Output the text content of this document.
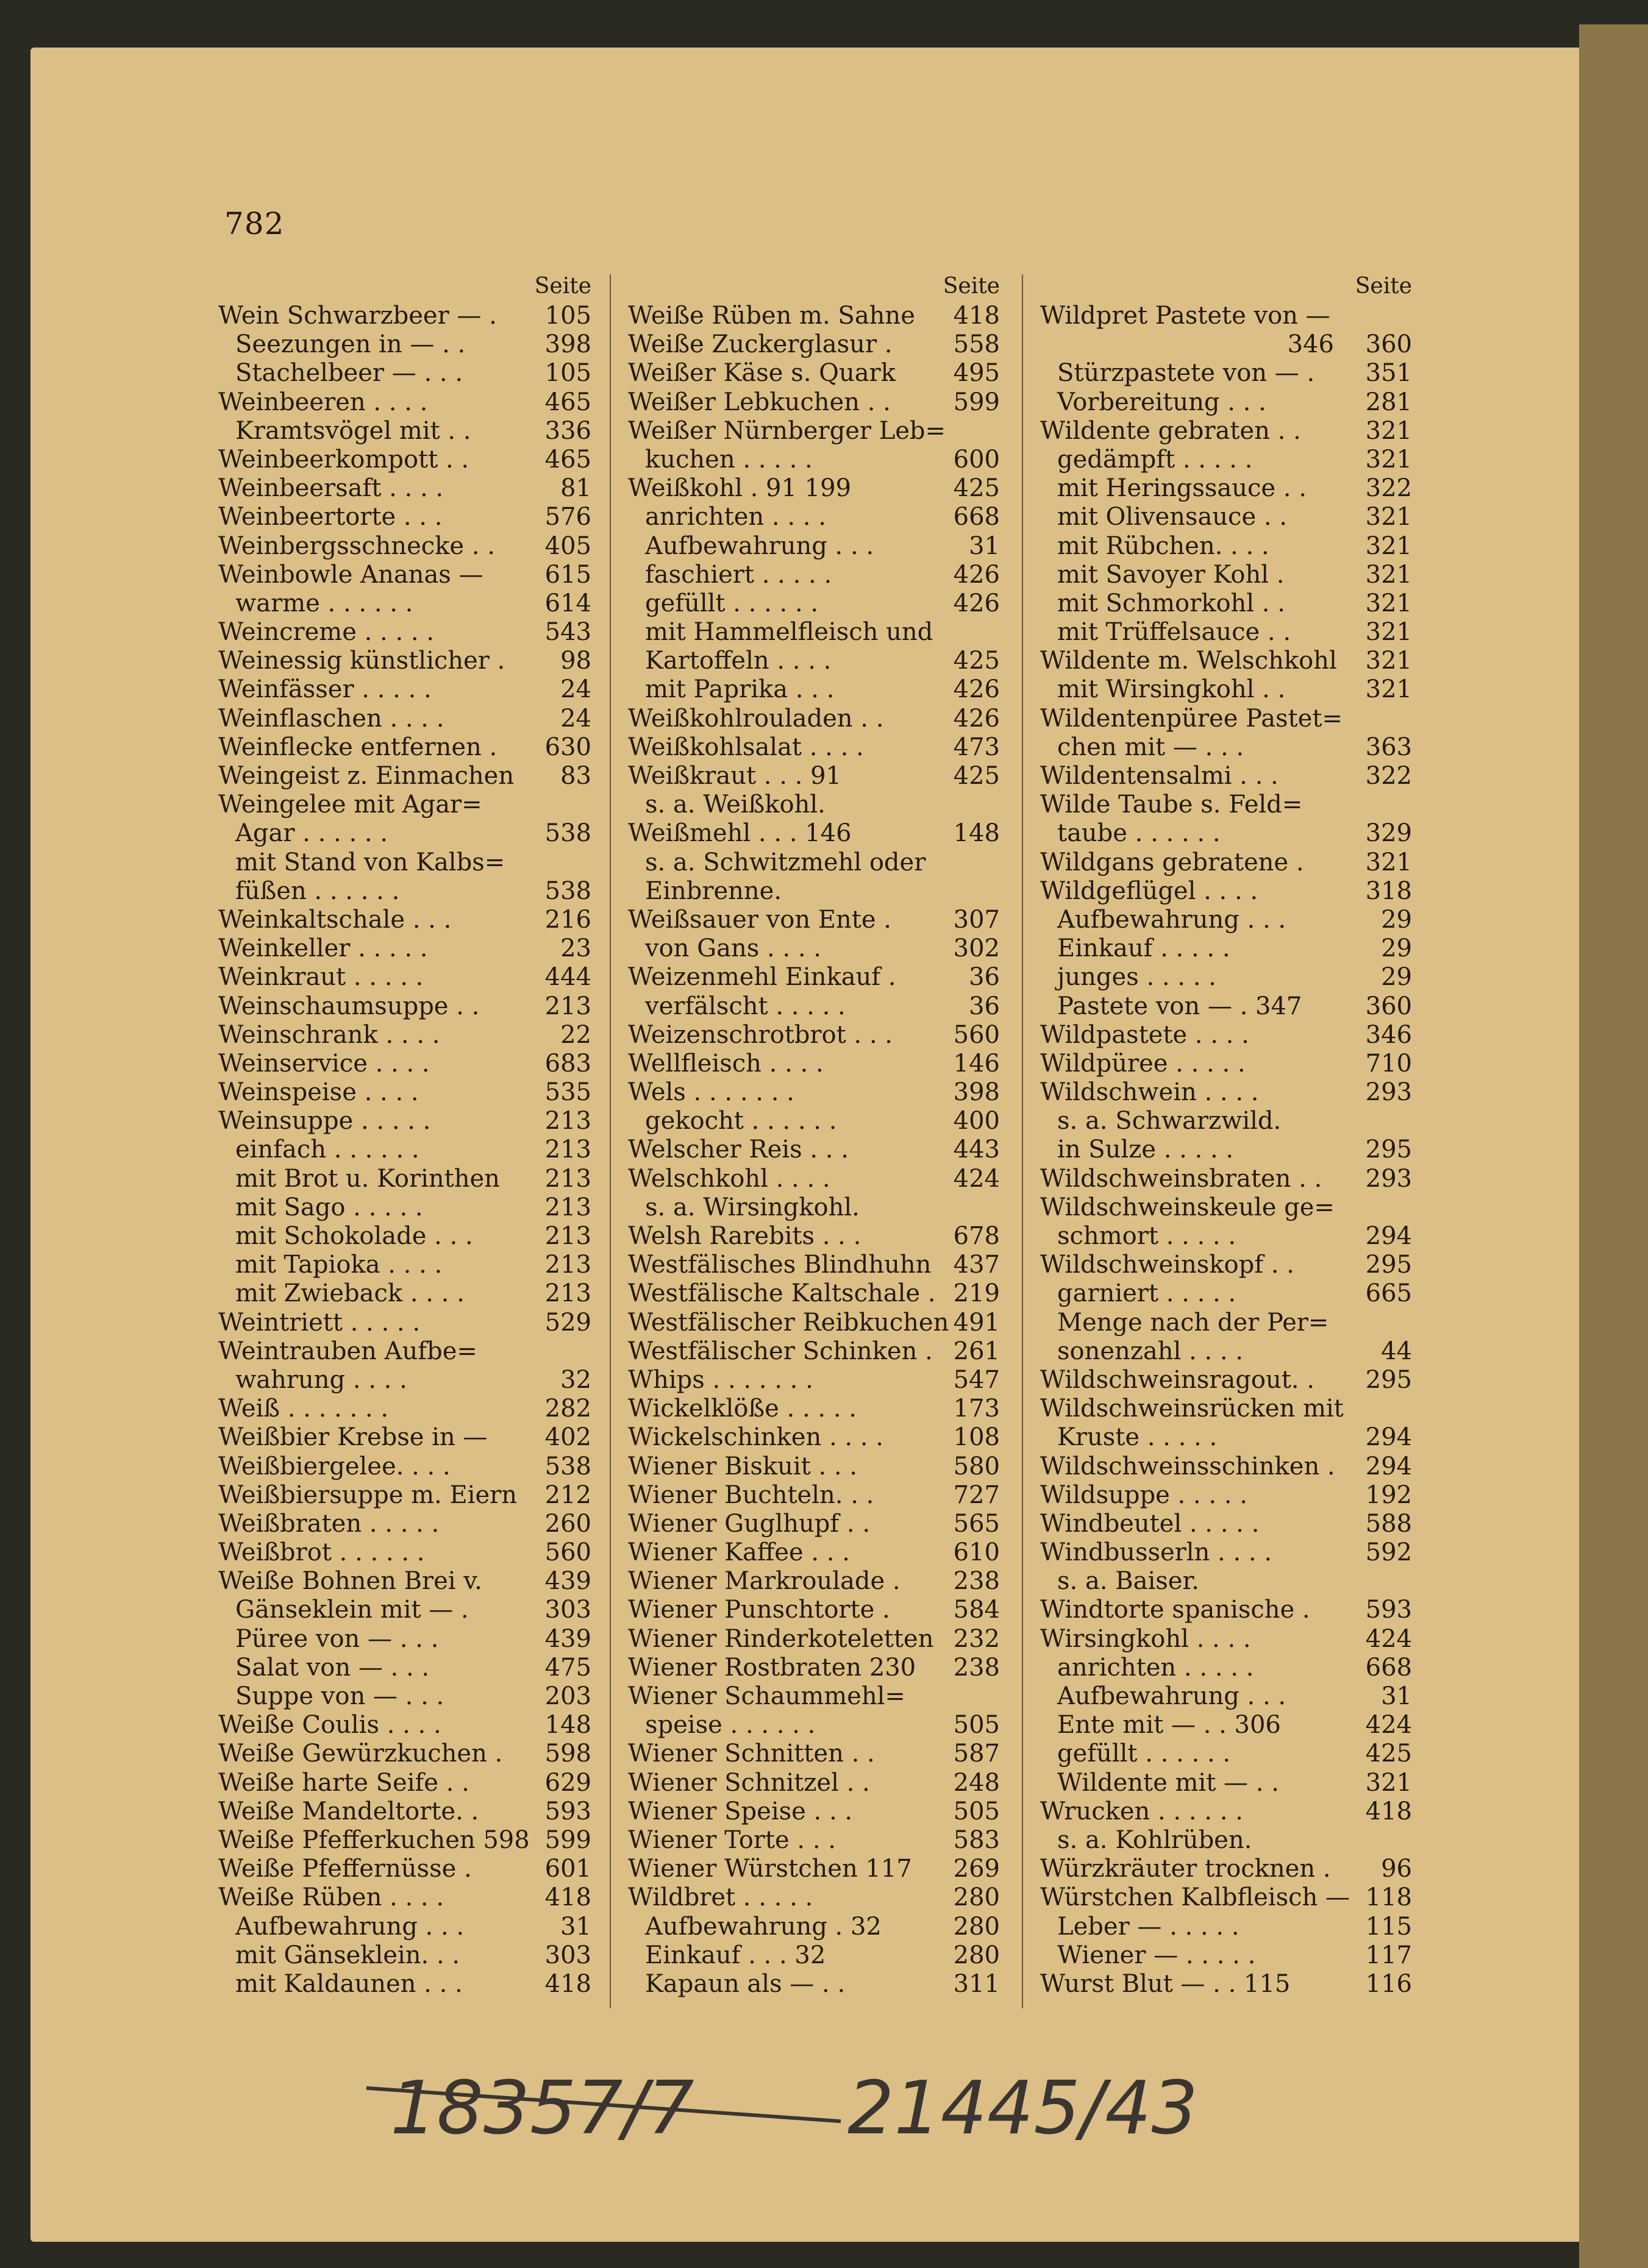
782
Seite
Wein Schwarzbeer — . 105
Seezungen in — . .	398
Stachelbeer — . . .	105
Weinbeeren . . . .	465
Kramtsvögel mit . .	336
Weinbeerkompott . .	465
Weinbeersaft . . . .	81
Weinbeertorte . . .	576
Weinbergsschnecke . . 405
Weinbowle Ananas —	615
warme . . . . . .	614
Weincreme . . . . .	543
Weinessig künstlicher . 98
Weinfässer . . . . .	24
Weinflaschen . . . .	24
Weinflecke entfernen . 630
Weingeist z. Einmachen 83
Weingelee mit Agar=
Agar . . . . . .	538
mit Stand von Kalbs=
füßen . . . . . .	538
Weinkaltschale . . .	216
Weinkeller . . . . .	23
Weinkraut . . . . .	444
Weinschaumsuppe . .	213
Weinschrank . . . .	22
Weinservice . . . .	683
Weinspeise . . . .	535
Weinsuppe . . . . .	213
einfach . . . . . .	213
mit Brot u. Korinthen 213
mit Sago . . . . .	213
mit Schokolade . . .	213
mit Tapioka . . . .	213
mit Zwieback . . . .	213
Weintriett . . . . .	529
Weintrauben Aufbe=
wahrung . . . .	32
Weiß . . . . . . .	282
Weißbier Krebse in — 402
Weißbiergelee. . . .	538
Weißbiersuppe m. Eiern 212
Weißbraten . . . . .	260
Weißbrot . . . . . .	560
Weiße Bohnen Brei v.	439
Gänseklein mit — .	303
Püree von — . . .	439
Salat von — . . .	475
Suppe von — . . .	203
Weiße Coulis . . . .	148
Weiße Gewürzkuchen . 598
Weiße harte Seife . .	629
Weiße Mandeltorte. .	593
Weiße Pfefferkuchen 598 599
Weiße Pfeffernüsse .	601
Weiße Rüben . . . .	418
Aufbewahrung . . .	31
mit Gänseklein. . .	303
mit Kaldaunen . . .	418
Seite
Weiße Rüben m. Sahne 418
Weiße Zuckerglasur .	558
Weißer Käse s. Quark 495
Weißer Lebkuchen . .	599
Weißer Nürnberger Leb=
kuchen . . . . .	600
Weißkohl . 91 199	425
anrichten . . . .	668
Aufbewahrung . . .	31
faschiert . . . . .	426
gefüllt . . . . . .	426
mit Hammelfleisch und
Kartoffeln . . . .	425
mit Paprika . . .	426
Weißkohlrouladen . .	426
Weißkohlsalat . . . .	473
Weißkraut . . . 91	425
s. a. Weißkohl.
Weißmehl . . . 146	148
s. a. Schwitzmehl oder
Einbrenne.
Weißsauer von Ente .	307
von Gans . . . .	302
Weizenmehl Einkauf .	36
verfälscht . . . . .	36
Weizenschrotbrot . . . 560
Wellfleisch . . . .	146
Wels . . . . . . .	398
gekocht . . . . . .	400
Welscher Reis . . .	443
Welschkohl . . . .	424
s. a. Wirsingkohl.
Welsh Rarebits . . .	678
Westfälisches Blindhuhn 437
Westfälische Kaltschale . 219
Westfälischer Reibkuchen 491
Westfälischer Schinken . 261
Whips . . . . . . .	547
Wickelklöße . . . . .	173
Wickelschinken . . . .	108
Wiener Biskuit . . .	580
Wiener Buchteln. . .	727
Wiener Guglhupf . .	565
Wiener Kaffee . . .	610
Wiener Markroulade . 238
Wiener Punschtorte .	584
Wiener Rinderkoteletten 232
Wiener Rostbraten 230 238
Wiener Schaummehl=
speise . . . . . .	505
Wiener Schnitten . .	587
Wiener Schnitzel . .	248
Wiener Speise . . .	505
Wiener Torte . . .	583
Wiener Würstchen 117 269
Wildbret . . . . .	280
Aufbewahrung . 32	280
Einkauf . . . 32	280
Kapaun als — . .	311
Seite
Wildpret Pastete von —
346 360
Stürzpastete von — . 351
Vorbereitung . . .	281
Wildente gebraten . .	321
gedämpft . . . . .	321
mit Heringssauce . . 322
mit Olivensauce . .	321
mit Rübchen. . . .	321
mit Savoyer Kohl .	321
mit Schmorkohl . .	321
mit Trüffelsauce . .	321
Wildente m. Welschkohl 321
mit Wirsingkohl . .	321
Wildentenpüree Pastet=
chen mit — . . .	363
Wildentensalmi . . .	322
Wilde Taube s. Feld=
taube . . . . . .	329
Wildgans gebratene .	321
Wildgeflügel . . . .	318
Aufbewahrung . . .	29
Einkauf . . . . .	29
junges . . . . .	29
Pastete von — . 347	360
Wildpastete . . . .	346
Wildpüree . . . . .	710
Wildschwein . . . .	293
s. a. Schwarzwild.
in Sulze . . . . .	295
Wildschweinsbraten . . 293
Wildschweinskeule ge=
schmort . . . . .	294
Wildschweinskopf . .	295
garniert . . . . .	665
Menge nach der Per=
sonenzahl . . . .	44
Wildschweinsragout. . 295
Wildschweinsrücken mit
Kruste . . . . .	294
Wildschweinsschinken . 294
Wildsuppe . . . . .	192
Windbeutel . . . . .	588
Windbusserln . . . .	592
s. a. Baiser.
Windtorte spanische . 593
Wirsingkohl . . . .	424
anrichten . . . . .	668
Aufbewahrung . . .	31
Ente mit — . . 306	424
gefüllt . . . . . .	425
Wildente mit — . .	321
Wrucken . . . . . .	418
s. a. Kohlrüben.
Würzkräuter trocknen . 96
Würstchen Kalbfleisch — 118
Leber — . . . . .	115
Wiener — . . . . .	117
Wurst Blut — . . 115	116
18357/7 21445/43
